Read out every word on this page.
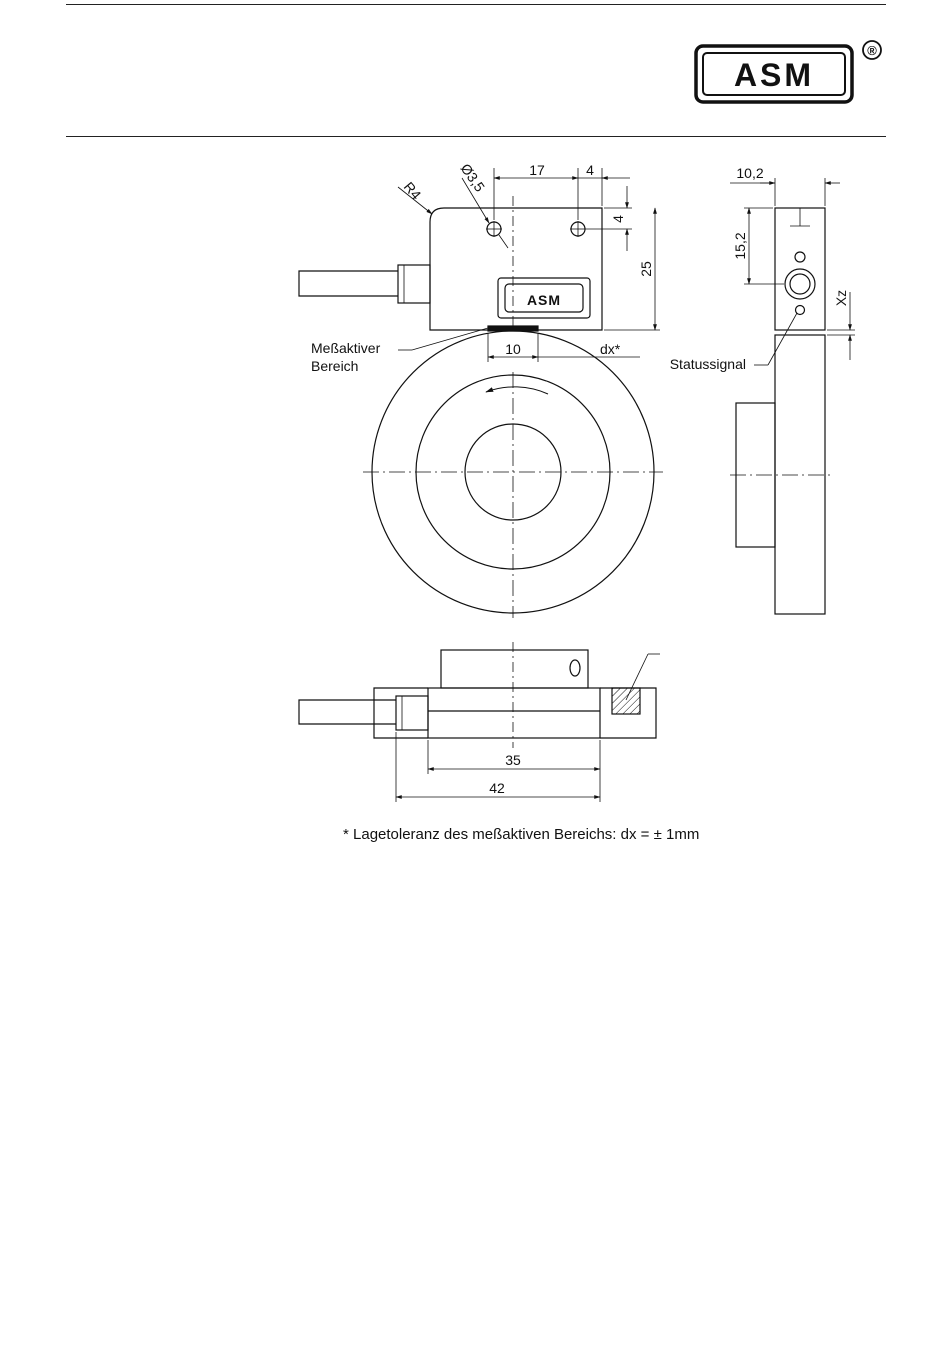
ASM
®
ASM
17	4
4
25
R4 Ø3,5
10	dx*
Meßaktiver
Bereich
10,2
15,2
Xz
Statussignal
35
42
* Lagetoleranz des meßaktiven Bereichs: dx = ± 1mm
